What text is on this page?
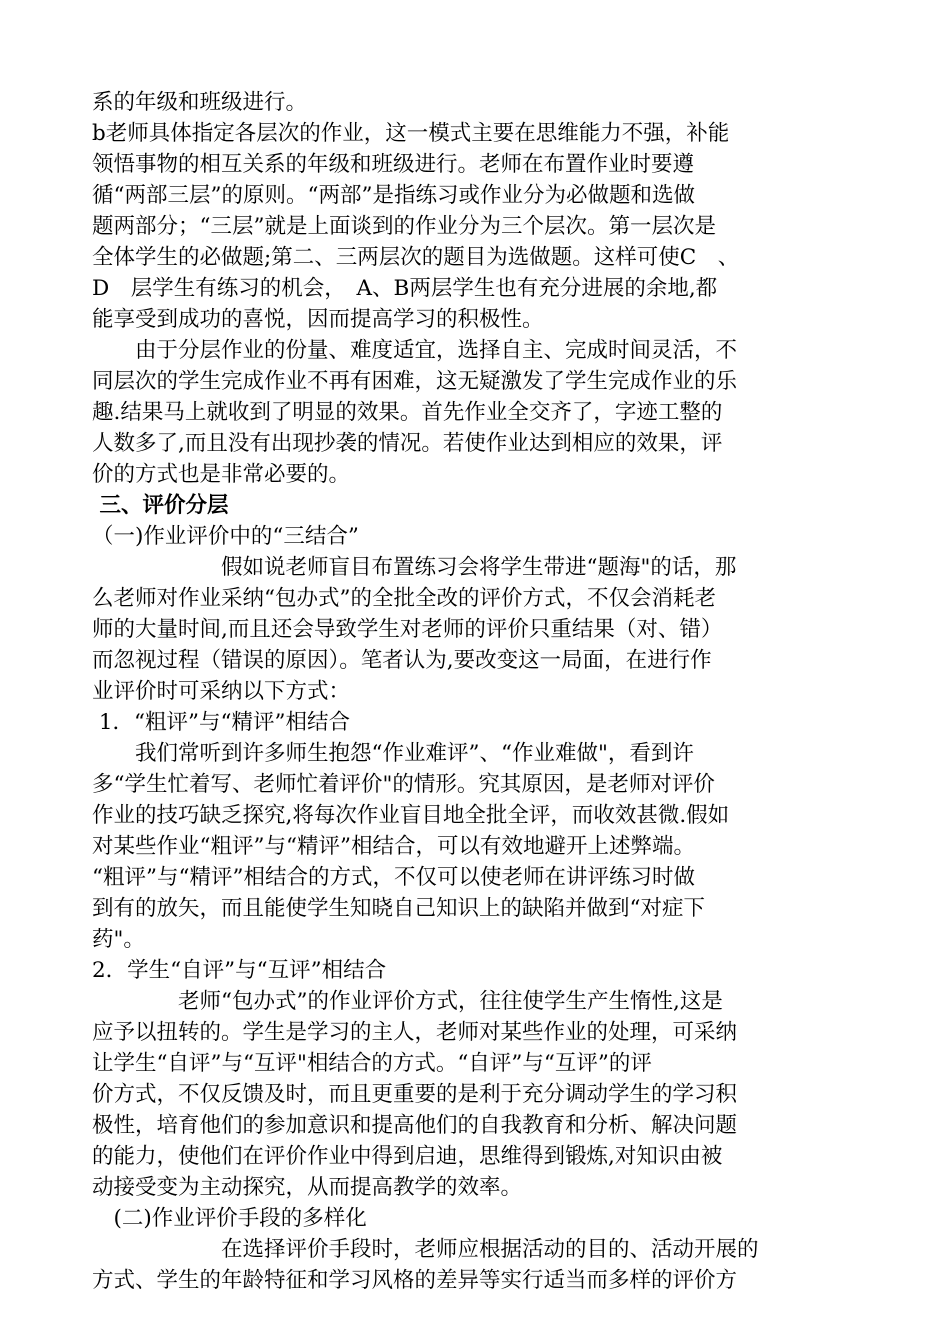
系的年级和班级进行。

b老师具体指定各层次的作业，这一模式主要在思维能力不强，补能

领悟事物的相互关系的年级和班级进行。老师在布置作业时要遵

循“两部三层”的原则。“两部”是指练习或作业分为必做题和选做

题两部分；“三层”就是上面谈到的作业分为三个层次。第一层次是

全体学生的必做题;第二、三两层次的题目为选做题。这样可使C　、

D　层学生有练习的机会，　A、B两层学生也有充分进展的余地,都

能享受到成功的喜悦，因而提高学习的积极性。

　　由于分层作业的份量、难度适宜，选择自主、完成时间灵活，不

同层次的学生完成作业不再有困难，这无疑激发了学生完成作业的乐

趣.结果马上就收到了明显的效果。首先作业全交齐了，字迹工整的

人数多了,而且没有出现抄袭的情况。若使作业达到相应的效果，评

价的方式也是非常必要的。

三、评价分层

（一)作业评价中的“三结合”

　　　　　　假如说老师盲目布置练习会将学生带进“题海"的话，那

么老师对作业采纳“包办式”的全批全改的评价方式，不仅会消耗老

师的大量时间,而且还会导致学生对老师的评价只重结果（对、错）

而忽视过程（错误的原因）。笔者认为,要改变这一局面，在进行作

业评价时可采纳以下方式：

1．“粗评”与“精评”相结合

　　我们常听到许多师生抱怨“作业难评”、“作业难做"，看到许

多“学生忙着写、老师忙着评价"的情形。究其原因，是老师对评价

作业的技巧缺乏探究,将每次作业盲目地全批全评，而收效甚微.假如

对某些作业“粗评”与“精评”相结合，可以有效地避开上述弊端。

“粗评”与“精评”相结合的方式，不仅可以使老师在讲评练习时做

到有的放矢，而且能使学生知晓自己知识上的缺陷并做到“对症下

药"。

2．学生“自评”与“互评”相结合

　　　　老师“包办式”的作业评价方式，往往使学生产生惰性,这是

应予以扭转的。学生是学习的主人，老师对某些作业的处理，可采纳

让学生“自评”与“互评"相结合的方式。“自评”与“互评”的评

价方式，不仅反馈及时，而且更重要的是利于充分调动学生的学习积

极性，培育他们的参加意识和提高他们的自我教育和分析、解决问题

的能力，使他们在评价作业中得到启迪，思维得到锻炼,对知识由被

动接受变为主动探究，从而提高教学的效率。

　(二)作业评价手段的多样化

　　　　　　在选择评价手段时，老师应根据活动的目的、活动开展的

方式、学生的年龄特征和学习风格的差异等实行适当而多样的评价方
